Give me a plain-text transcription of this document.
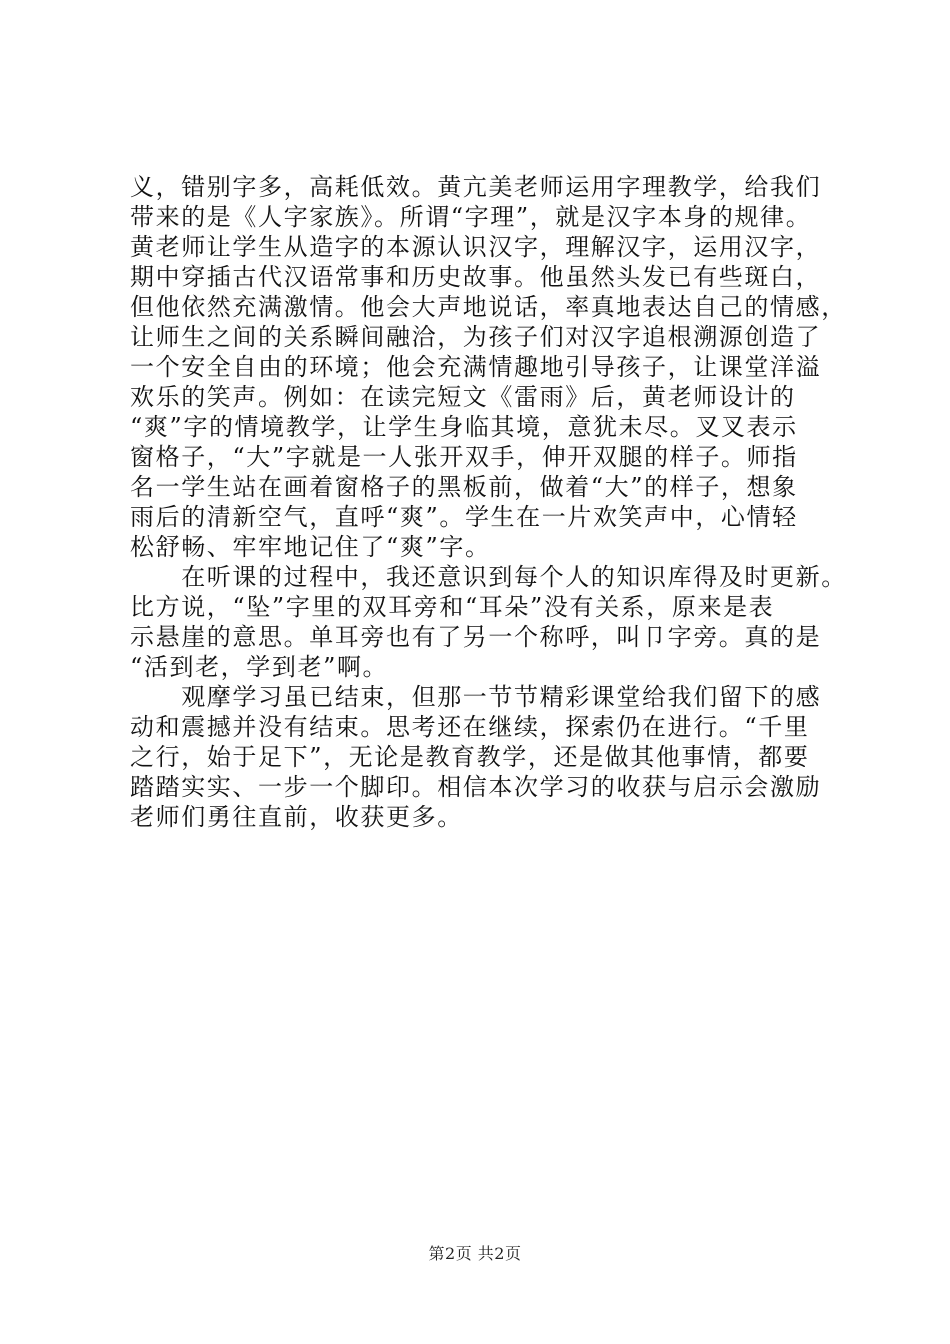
义，错别字多，高耗低效。黄亢美老师运用字理教学，给我们
带来的是《人字家族》。所谓“字理”，就是汉字本身的规律。
黄老师让学生从造字的本源认识汉字，理解汉字，运用汉字，
期中穿插古代汉语常事和历史故事。他虽然头发已有些斑白，
但他依然充满激情。他会大声地说话，率真地表达自己的情感，
让师生之间的关系瞬间融洽，为孩子们对汉字追根溯源创造了
一个安全自由的环境；他会充满情趣地引导孩子，让课堂洋溢
欢乐的笑声。例如：在读完短文《雷雨》后，黄老师设计的
“爽”字的情境教学，让学生身临其境，意犹未尽。叉叉表示
窗格子，“大”字就是一人张开双手，伸开双腿的样子。师指
名一学生站在画着窗格子的黑板前，做着“大”的样子，想象
雨后的清新空气，直呼“爽”。学生在一片欢笑声中，心情轻
松舒畅、牢牢地记住了“爽”字。
　　在听课的过程中，我还意识到每个人的知识库得及时更新。
比方说，“坠”字里的双耳旁和“耳朵”没有关系，原来是表
示悬崖的意思。单耳旁也有了另一个称呼，叫卩字旁。真的是
“活到老，学到老”啊。
　　观摩学习虽已结束，但那一节节精彩课堂给我们留下的感
动和震撼并没有结束。思考还在继续，探索仍在进行。“千里
之行，始于足下”，无论是教育教学，还是做其他事情，都要
踏踏实实、一步一个脚印。相信本次学习的收获与启示会激励
老师们勇往直前，收获更多。
第2页 共2页
